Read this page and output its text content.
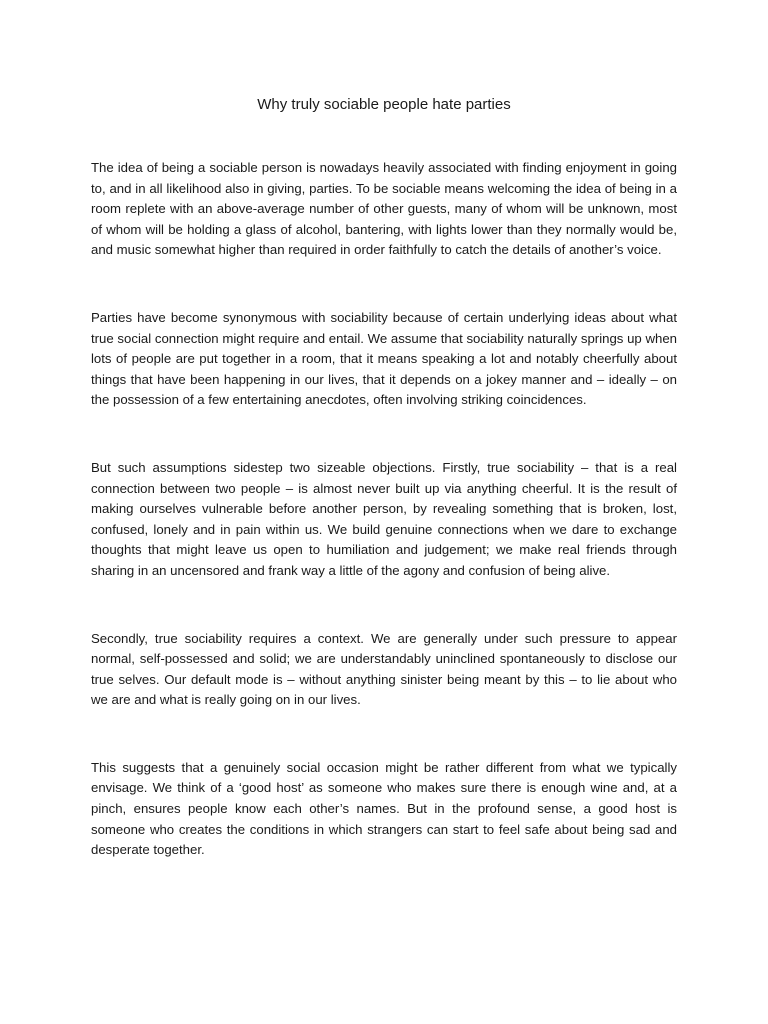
Why truly sociable people hate parties

The idea of being a sociable person is nowadays heavily associated with finding enjoyment in going to, and in all likelihood also in giving, parties. To be sociable means welcoming the idea of being in a room replete with an above-average number of other guests, many of whom will be unknown, most of whom will be holding a glass of alcohol, bantering, with lights lower than they normally would be, and music somewhat higher than required in order faithfully to catch the details of another’s voice.

Parties have become synonymous with sociability because of certain underlying ideas about what true social connection might require and entail. We assume that sociability naturally springs up when lots of people are put together in a room, that it means speaking a lot and notably cheerfully about things that have been happening in our lives, that it depends on a jokey manner and – ideally – on the possession of a few entertaining anecdotes, often involving striking coincidences.

But such assumptions sidestep two sizeable objections. Firstly, true sociability – that is a real connection between two people – is almost never built up via anything cheerful. It is the result of making ourselves vulnerable before another person, by revealing something that is broken, lost, confused, lonely and in pain within us. We build genuine connections when we dare to exchange thoughts that might leave us open to humiliation and judgement; we make real friends through sharing in an uncensored and frank way a little of the agony and confusion of being alive.

Secondly, true sociability requires a context. We are generally under such pressure to appear normal, self-possessed and solid; we are understandably uninclined spontaneously to disclose our true selves. Our default mode is – without anything sinister being meant by this – to lie about who we are and what is really going on in our lives.

This suggests that a genuinely social occasion might be rather different from what we typically envisage. We think of a ‘good host’ as someone who makes sure there is enough wine and, at a pinch, ensures people know each other’s names. But in the profound sense, a good host is someone who creates the conditions in which strangers can start to feel safe about being sad and desperate together.
